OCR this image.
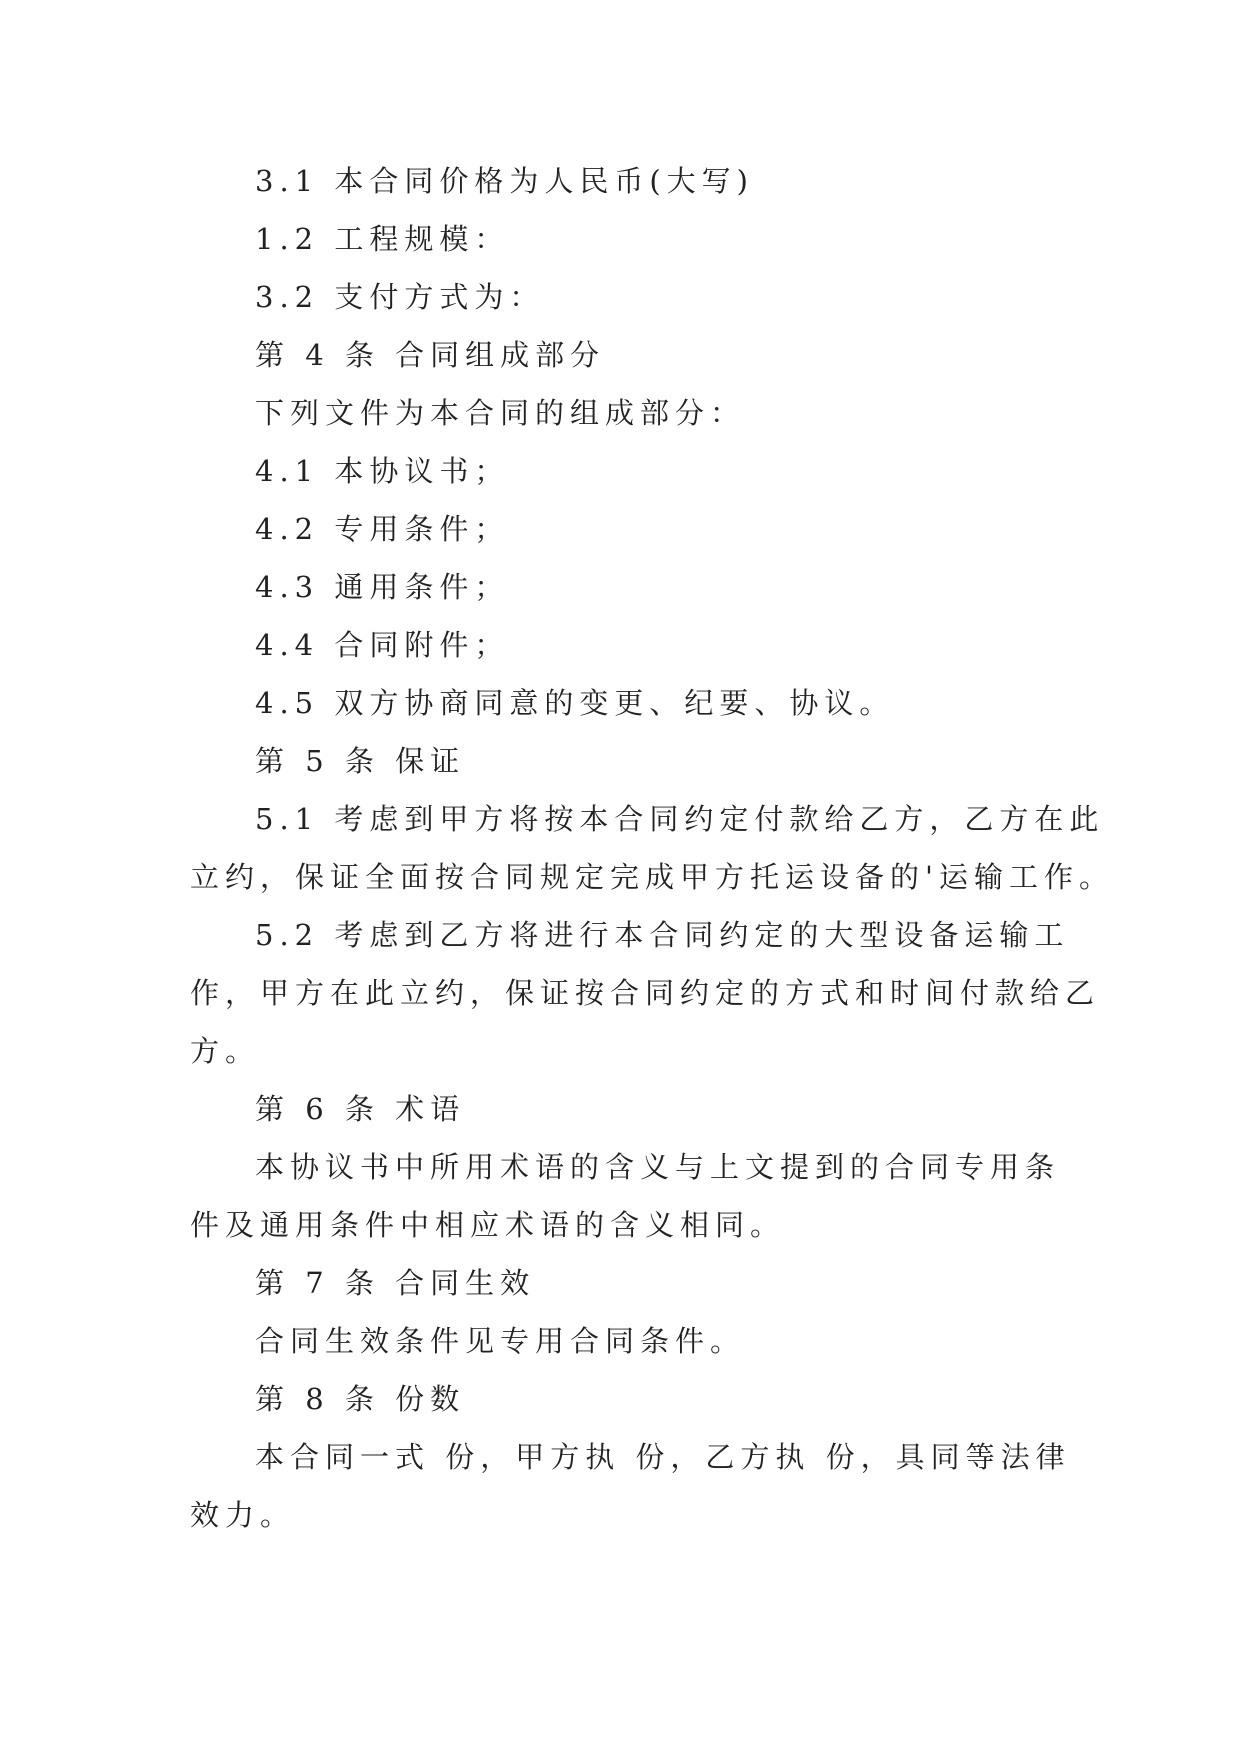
3.1 本合同价格为人民币(大写)

1.2 工程规模：

3.2 支付方式为：

第 4 条 合同组成部分

下列文件为本合同的组成部分：

4.1 本协议书；

4.2 专用条件；

4.3 通用条件；

4.4 合同附件；

4.5 双方协商同意的变更、纪要、协议。

第 5 条 保证

5.1 考虑到甲方将按本合同约定付款给乙方，乙方在此

立约，保证全面按合同规定完成甲方托运设备的'运输工作。

5.2 考虑到乙方将进行本合同约定的大型设备运输工

作，甲方在此立约，保证按合同约定的方式和时间付款给乙

方。

第 6 条 术语

本协议书中所用术语的含义与上文提到的合同专用条

件及通用条件中相应术语的含义相同。

第 7 条 合同生效

合同生效条件见专用合同条件。

第 8 条 份数

本合同一式 份，甲方执 份，乙方执 份，具同等法律

效力。
